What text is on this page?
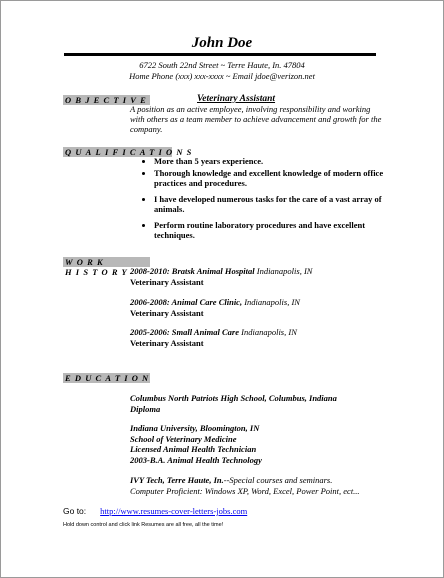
John Doe
6722 South 22nd Street ~ Terre Haute, In. 47804
Home Phone (xxx) xxx-xxxx ~ Email jdoe@verizon.net
OBJECTIVE	Veterinary Assistant
A position as an active employee, involving responsibility and working with others as a team member to achieve advancement and growth for the company.
QUALIFICATIONS
• More than 5 years experience.
• Thorough knowledge and excellent knowledge of modern office practices and procedures.
• I have developed numerous tasks for the care of a vast array of animals.
• Perform routine laboratory procedures and have excellent techniques.
WORK HISTORY 2008-2010: Bratsk Animal Hospital Indianapolis, IN
Veterinary Assistant
2006-2008: Animal Care Clinic, Indianapolis, IN
Veterinary Assistant
2005-2006: Small Animal Care Indianapolis, IN
Veterinary Assistant
EDUCATION
Columbus North Patriots High School, Columbus, Indiana
Diploma
Indiana University, Bloomington, IN
School of Veterinary Medicine
Licensed Animal Health Technician
2003-B.A. Animal Health Technology
IVY Tech, Terre Haute, In.--Special courses and seminars.
Computer Proficient: Windows XP, Word, Excel, Power Point, ect...
Go to: http://www.resumes-cover-letters-jobs.com
Hold down control and click link Resumes are all free, all the time!
